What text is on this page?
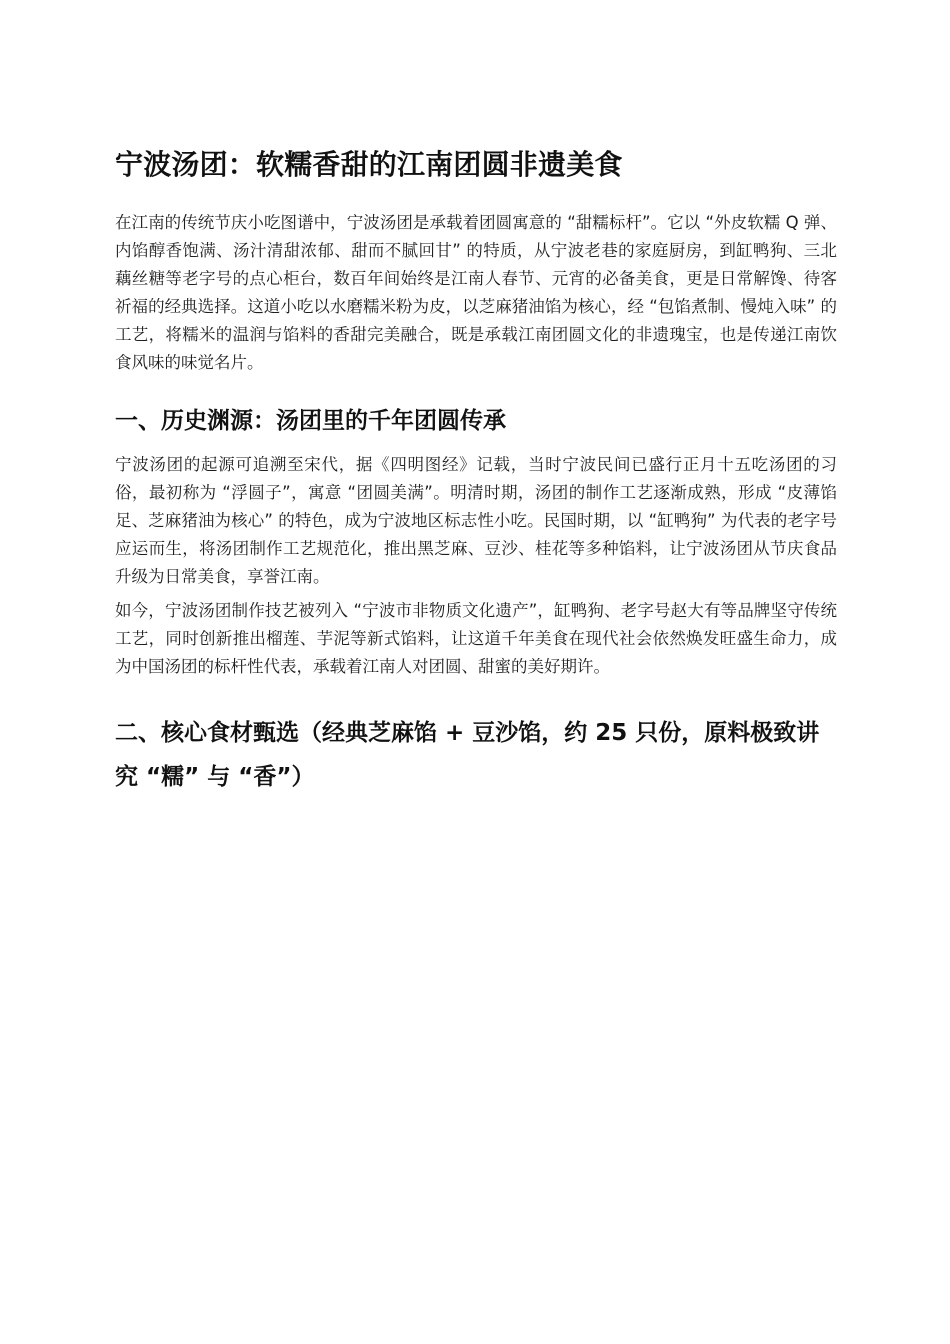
宁波汤团：软糯香甜的江南团圆非遗美食

在江南的传统节庆小吃图谱中，宁波汤团是承载着团圆寓意的 “甜糯标杆”。它以 “外皮软糯 Q 弹、内馅醇香饱满、汤汁清甜浓郁、甜而不腻回甘” 的特质，从宁波老巷的家庭厨房，到缸鸭狗、三北藕丝糖等老字号的点心柜台，数百年间始终是江南人春节、元宵的必备美食，更是日常解馋、待客祈福的经典选择。这道小吃以水磨糯米粉为皮，以芝麻猪油馅为核心，经 “包馅煮制、慢炖入味” 的工艺，将糯米的温润与馅料的香甜完美融合，既是承载江南团圆文化的非遗瑰宝，也是传递江南饮食风味的味觉名片。

一、历史渊源：汤团里的千年团圆传承

宁波汤团的起源可追溯至宋代，据《四明图经》记载，当时宁波民间已盛行正月十五吃汤团的习俗，最初称为 “浮圆子”，寓意 “团圆美满”。明清时期，汤团的制作工艺逐渐成熟，形成 “皮薄馅足、芝麻猪油为核心” 的特色，成为宁波地区标志性小吃。民国时期，以 “缸鸭狗” 为代表的老字号应运而生，将汤团制作工艺规范化，推出黑芝麻、豆沙、桂花等多种馅料，让宁波汤团从节庆食品升级为日常美食，享誉江南。

如今，宁波汤团制作技艺被列入 “宁波市非物质文化遗产”，缸鸭狗、老字号赵大有等品牌坚守传统工艺，同时创新推出榴莲、芋泥等新式馅料，让这道千年美食在现代社会依然焕发旺盛生命力，成为中国汤团的标杆性代表，承载着江南人对团圆、甜蜜的美好期许。

二、核心食材甄选（经典芝麻馅 + 豆沙馅，约 25 只份，原料极致讲究 “糯” 与 “香”）
